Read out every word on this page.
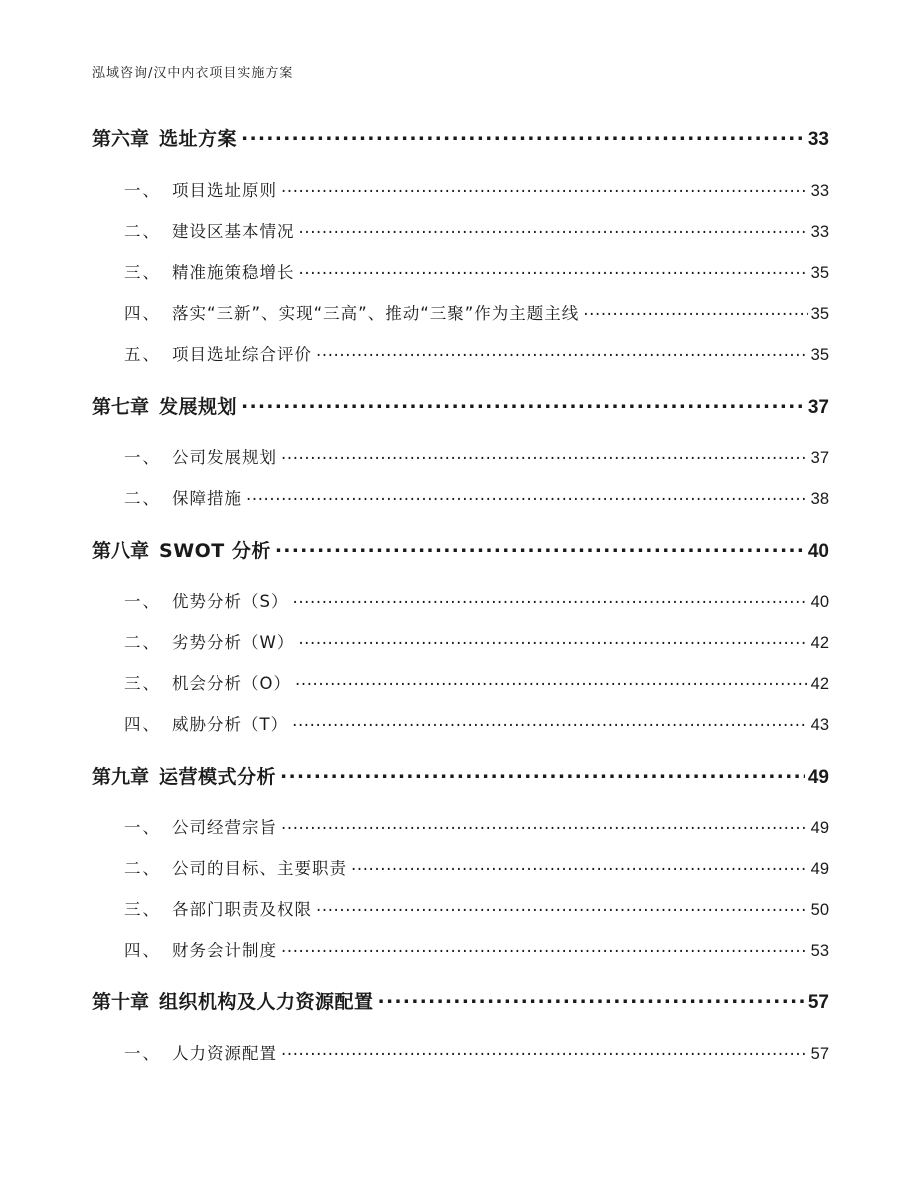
泓域咨询/汉中内衣项目实施方案
第六章 选址方案 .....	33
一、 项目选址原则 .....	33
二、 建设区基本情况 .....	33
三、 精准施策稳增长 .....	35
四、 落实“三新”、实现“三高”、推动“三聚”作为主题主线 .....	35
五、 项目选址综合评价 .....	35
第七章 发展规划 .....	37
一、 公司发展规划 .....	37
二、 保障措施 .....	38
第八章 SWOT 分析 .....	40
一、 优势分析（S） .....	40
二、 劣势分析（W） .....	42
三、 机会分析（O） .....	42
四、 威胁分析（T） .....	43
第九章 运营模式分析 .....	49
一、 公司经营宗旨 .....	49
二、 公司的目标、主要职责 .....	49
三、 各部门职责及权限 .....	50
四、 财务会计制度 .....	53
第十章 组织机构及人力资源配置 .....	57
一、 人力资源配置 .....	57
